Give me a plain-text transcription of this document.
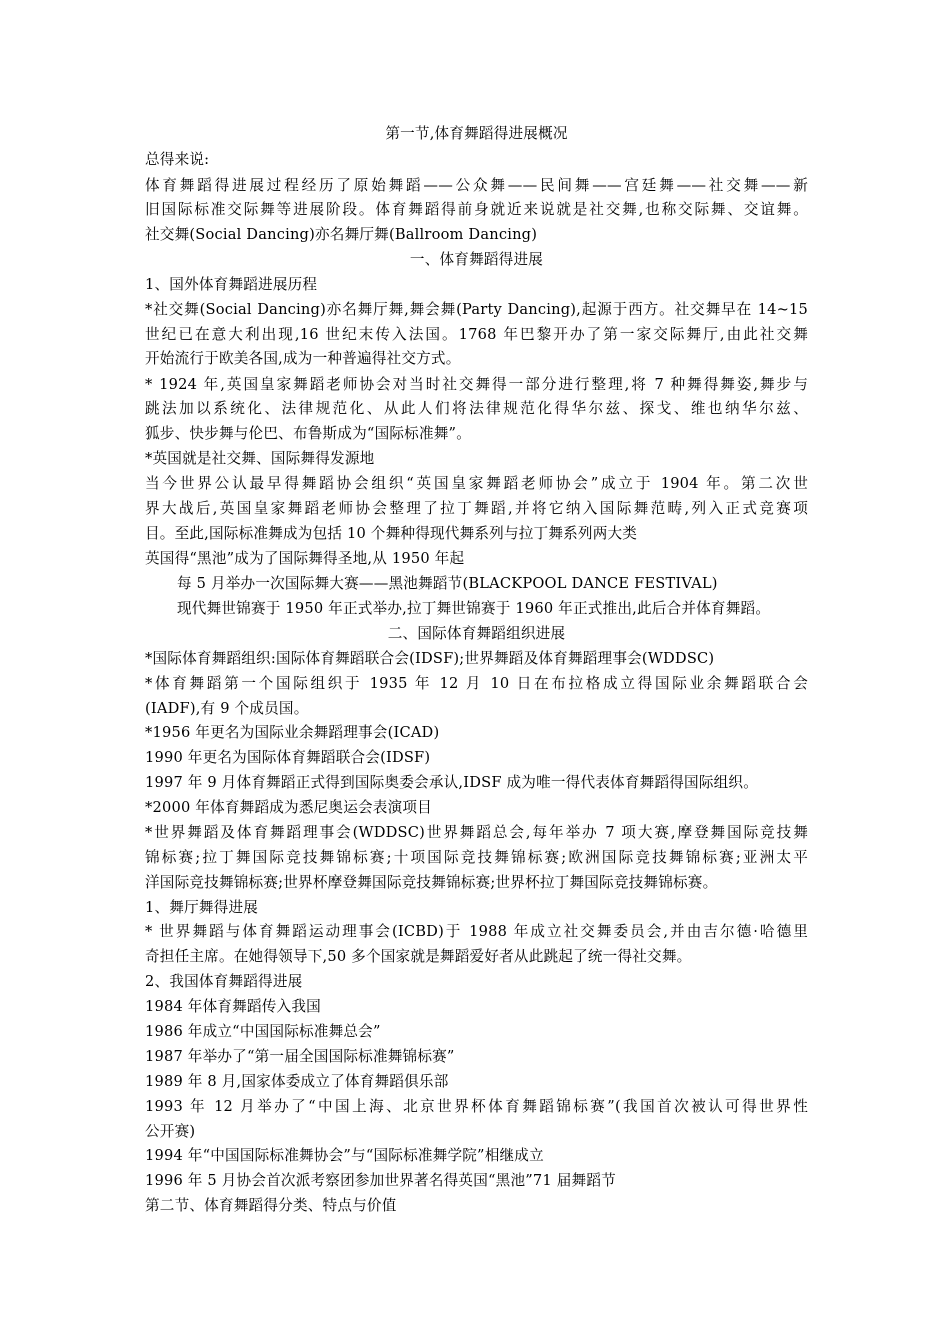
第一节,体育舞蹈得进展概况
总得来说:
体育舞蹈得进展过程经历了原始舞蹈——公众舞——民间舞——宫廷舞——社交舞——新
旧国际标准交际舞等进展阶段。体育舞蹈得前身就近来说就是社交舞,也称交际舞、交谊舞。
社交舞(Social Dancing)亦名舞厅舞(Ballroom Dancing)
一、体育舞蹈得进展
1、国外体育舞蹈进展历程
*社交舞(Social Dancing)亦名舞厅舞,舞会舞(Party Dancing),起源于西方。社交舞早在 14~15
世纪已在意大利出现,16 世纪末传入法国。1768 年巴黎开办了第一家交际舞厅,由此社交舞
开始流行于欧美各国,成为一种普遍得社交方式。
* 1924 年,英国皇家舞蹈老师协会对当时社交舞得一部分进行整理,将 7 种舞得舞姿,舞步与
跳法加以系统化、法律规范化、从此人们将法律规范化得华尔兹、探戈、维也纳华尔兹、
狐步、快步舞与伦巴、布鲁斯成为“国际标准舞”。
*英国就是社交舞、国际舞得发源地
当今世界公认最早得舞蹈协会组织“英国皇家舞蹈老师协会”成立于 1904 年。第二次世
界大战后,英国皇家舞蹈老师协会整理了拉丁舞蹈,并将它纳入国际舞范畴,列入正式竞赛项
目。至此,国际标准舞成为包括 10 个舞种得现代舞系列与拉丁舞系列两大类
英国得“黑池”成为了国际舞得圣地,从 1950 年起
每 5 月举办一次国际舞大赛——黑池舞蹈节(BLACKPOOL DANCE FESTIVAL)
现代舞世锦赛于 1950 年正式举办,拉丁舞世锦赛于 1960 年正式推出,此后合并体育舞蹈。
二、国际体育舞蹈组织进展
*国际体育舞蹈组织:国际体育舞蹈联合会(IDSF);世界舞蹈及体育舞蹈理事会(WDDSC)
*体育舞蹈第一个国际组织于 1935 年 12 月 10 日在布拉格成立得国际业余舞蹈联合会
(IADF),有 9 个成员国。
*1956 年更名为国际业余舞蹈理事会(ICAD)
1990 年更名为国际体育舞蹈联合会(IDSF)
1997 年 9 月体育舞蹈正式得到国际奥委会承认,IDSF 成为唯一得代表体育舞蹈得国际组织。
*2000 年体育舞蹈成为悉尼奥运会表演项目
*世界舞蹈及体育舞蹈理事会(WDDSC)世界舞蹈总会,每年举办 7 项大赛,摩登舞国际竞技舞
锦标赛;拉丁舞国际竞技舞锦标赛;十项国际竞技舞锦标赛;欧洲国际竞技舞锦标赛;亚洲太平
洋国际竞技舞锦标赛;世界杯摩登舞国际竞技舞锦标赛;世界杯拉丁舞国际竞技舞锦标赛。
1、舞厅舞得进展
* 世界舞蹈与体育舞蹈运动理事会(ICBD)于 1988 年成立社交舞委员会,并由吉尔德·哈德里
奇担任主席。在她得领导下,50 多个国家就是舞蹈爱好者从此跳起了统一得社交舞。
2、我国体育舞蹈得进展
1984 年体育舞蹈传入我国
1986 年成立“中国国际标准舞总会”
1987 年举办了“第一届全国国际标准舞锦标赛”
1989 年 8 月,国家体委成立了体育舞蹈俱乐部
1993 年 12 月举办了“中国上海、北京世界杯体育舞蹈锦标赛”(我国首次被认可得世界性
公开赛)
1994 年“中国国际标准舞协会”与“国际标准舞学院”相继成立
1996 年 5 月协会首次派考察团参加世界著名得英国“黑池”71 届舞蹈节
第二节、体育舞蹈得分类、特点与价值
